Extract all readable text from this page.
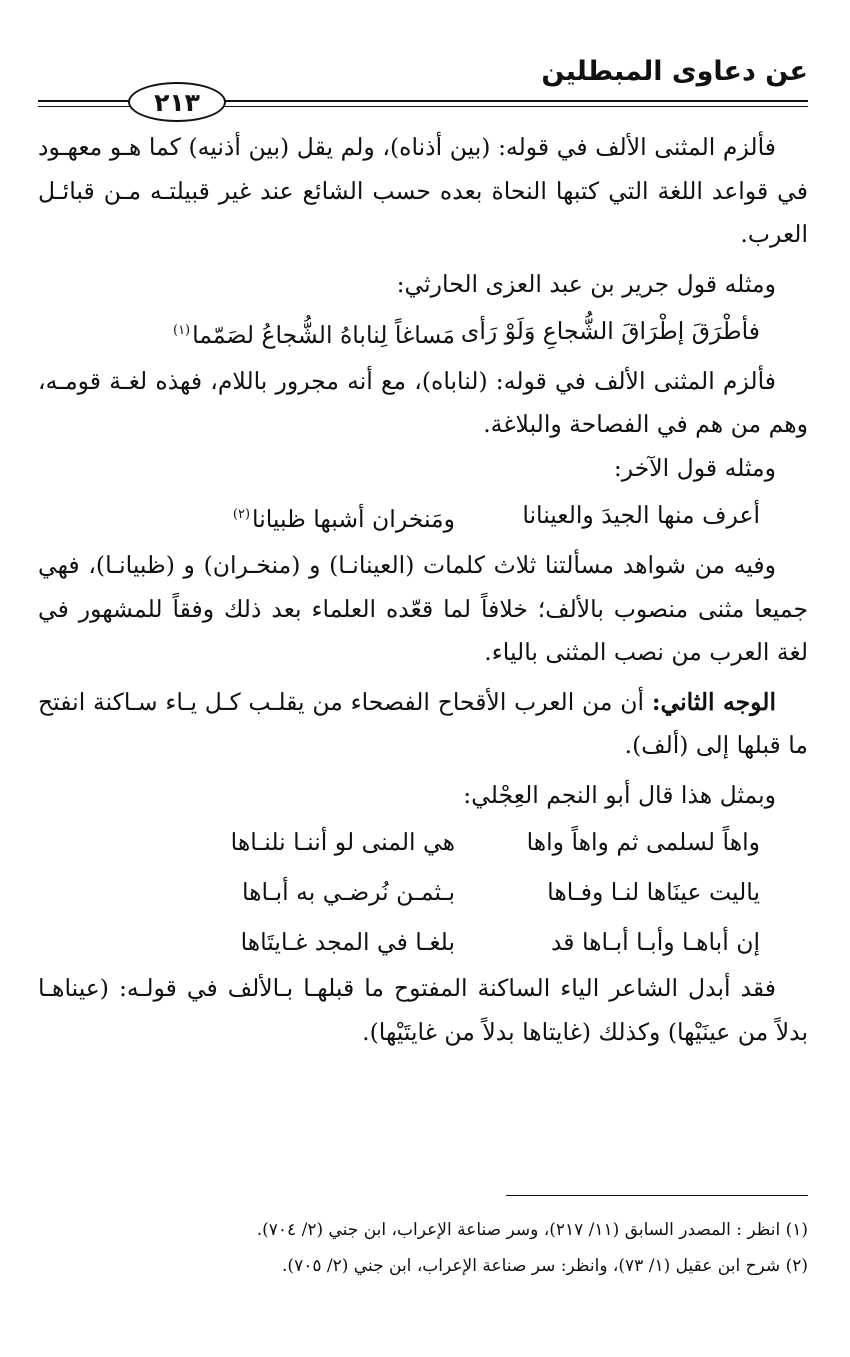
عن دعاوى المبطلين
٢١٣

فألزم المثنى الألف في قوله: (بين أذناه)، ولم يقل (بين أذنيه) كما هـو معهـود في قواعد اللغة التي كتبها النحاة بعده حسب الشائع عند غير قبيلتـه مـن قبائـل العرب.

ومثله قول جرير بن عبد العزى الحارثي:

فأطْرَقَ إطْرَاقَ الشُّجاعِ وَلَوْ رَأى
مَساغاً لِناباهُ الشُّجاعُ لصَمّما$^{(١)}$

فألزم المثنى الألف في قوله: (لناباه)، مع أنه مجرور باللام، فهذه لغـة قومـه، وهم من هم في الفصاحة والبلاغة.

ومثله قول الآخر:

أعرف منها الجيدَ والعينانا
ومَنخران أشبها ظبيانا$^{(٢)}$

وفيه من شواهد مسألتنا ثلاث كلمات (العينانـا) و (منخـران) و (ظبيانـا)، فهي جميعا مثنى منصوب بالألف؛ خلافاً لما قعّده العلماء بعد ذلك وفقاً للمشهور في لغة العرب من نصب المثنى بالياء.

الوجه الثاني: أن من العرب الأقحاح الفصحاء من يقلـب كـل يـاء سـاكنة انفتح ما قبلها إلى (ألف).

وبمثل هذا قال أبو النجم العِجْلي:

واهاً لسلمى ثم واهاً واها
هي المنى لو أننـا نلنـاها
ياليت عينَاها لنـا وفـاها
بـثمـن نُرضـي به أبـاها
إن أباهـا وأبـا أبـاها قد
بلغـا في المجد غـايتَاها

فقد أبدل الشاعر الياء الساكنة المفتوح ما قبلهـا بـالألف في قولـه: (عيناهـا بدلاً من عينَيْها) وكذلك (غايتاها بدلاً من غايتَيْها).

(١) انظر : المصدر السابق (١١/ ٢١٧)، وسر صناعة الإعراب، ابن جني (٢/ ٧٠٤).

(٢) شرح ابن عقيل (١/ ٧٣)، وانظر: سر صناعة الإعراب، ابن جني (٢/ ٧٠٥).
